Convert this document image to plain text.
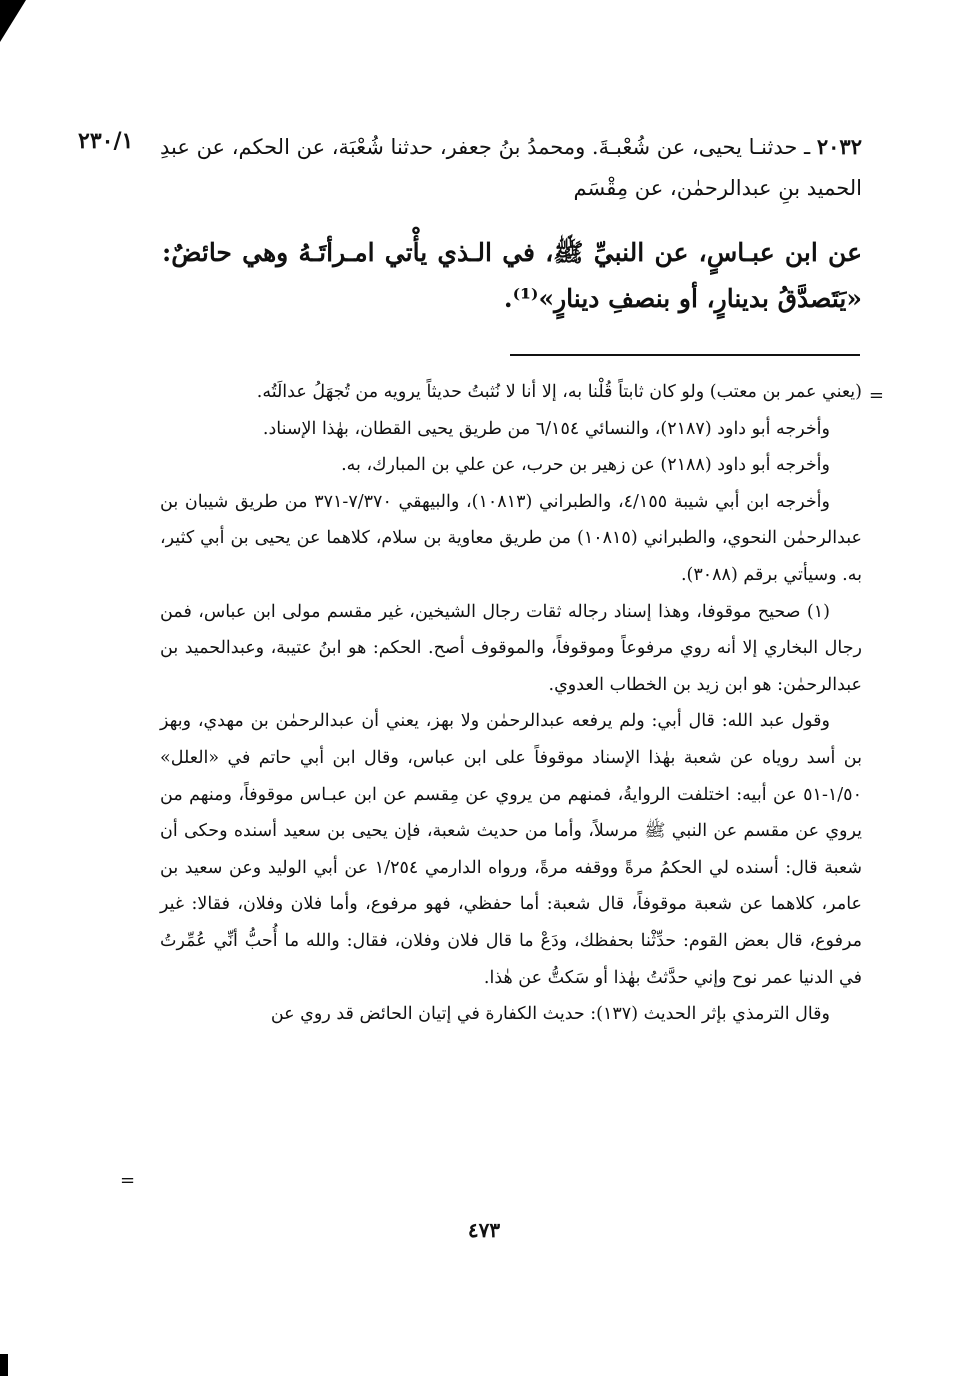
٢٣٠/١	٢٠٣٢ ـ حدثنـا يحيى، عن شُعْبـةَ. ومحمدُ بنُ جعفر، حدثنا شُعْبَة، عن الحكم، عن عبدِ الحميد بنِ عبدالرحمٰن، عن مِقْسَم
عن ابن عبـاسٍ، عن النبيِّ ﷺ، في الـذي يأْتي امـرأتَـهُ وهي حائضٌ: «يَتَصدَّقُ بدينارٍ، أو بنصفِ دينارٍ»⁽¹⁾.
=

(يعني عمر بن معتب) ولو كان ثابتاً قُلْنا به، إلا أنا لا نُثبتُ حديثاً يرويه من تُجهَلُ عدالَتُه.

وأخرجه أبو داود (٢١٨٧)، والنسائي ٦/١٥٤ من طريق يحيى القطان، بهٰذا الإسناد.

وأخرجه أبو داود (٢١٨٨) عن زهير بن حرب، عن علي بن المبارك، به.

وأخرجه ابن أبي شيبة ٤/١٥٥، والطبراني (١٠٨١٣)، والبيهقي ٧/٣٧٠-٣٧١ من طريق شيبان بن عبدالرحمٰن النحوي، والطبراني (١٠٨١٥) من طريق معاوية بن سلام، كلاهما عن يحيى بن أبي كثير، به. وسيأتي برقم (٣٠٨٨).

(١) صحيح موقوفا، وهذا إسناد رجاله ثقات رجال الشيخين، غير مقسم مولى ابن عباس، فمن رجال البخاري إلا أنه روي مرفوعاً وموقوفاً، والموقوف أصح. الحكم: هو ابنُ عتيبة، وعبدالحميد بن عبدالرحمٰن: هو ابن زيد بن الخطاب العدوي.

وقول عبد الله: قال أبي: ولم يرفعه عبدالرحمٰن ولا بهز، يعني أن عبدالرحمٰن بن مهدي، وبهز بن أسد روياه عن شعبة بهٰذا الإسناد موقوفاً على ابن عباس، وقال ابن أبي حاتم في «العلل» ١/٥٠-٥١ عن أبيه: اختلفت الروايةُ، فمنهم من يروي عن مِقسم عن ابن عبـاس موقوفاً، ومنهم من يروي عن مقسم عن النبي ﷺ مرسلاً، وأما من حديث شعبة، فإن يحيى بن سعيد أسنده وحكى أن شعبة قال: أسنده لي الحكمُ مرةً ووقفه مرةً، ورواه الدارمي ١/٢٥٤ عن أبي الوليد وعن سعيد بن عامر، كلاهما عن شعبة موقوفاً، قال شعبة: أما حفظي، فهو مرفوع، وأما فلان وفلان، فقالا: غير مرفوع، قال بعض القوم: حدِّثْنا بحفظك، ودَعْ ما قال فلان وفلان، فقال: والله ما أُحبُّ أنِّي عُمِّرتُ في الدنيا عمر نوح وإني حدَّثتُ بهٰذا أو سَكتُّ عن هٰذا.

وقال الترمذي بإثر الحديث (١٣٧): حديث الكفارة في إتيان الحائض قد روي عن

=
٤٧٣
